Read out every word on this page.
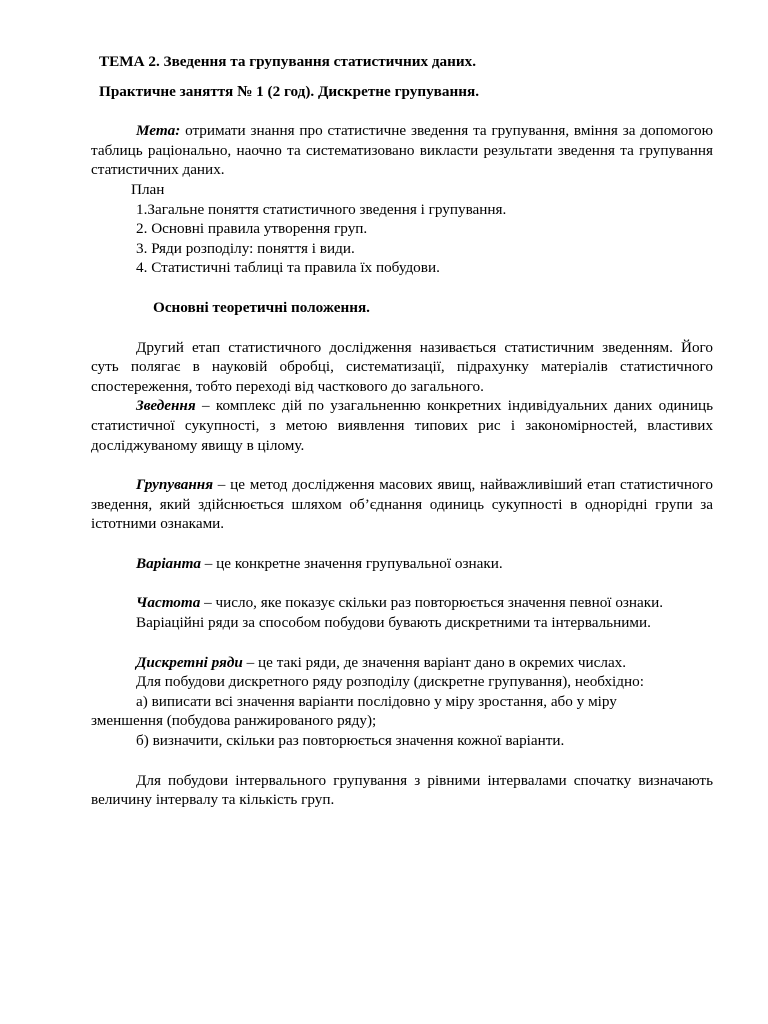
ТЕМА 2. Зведення та групування статистичних даних.

Практичне заняття № 1 (2 год). Дискретне групування.

Мета: отримати знання про статистичне зведення та групування, вміння за допомогою таблиць раціонально, наочно та систематизовано викласти результати зведення та групування статистичних даних.

План

1.Загальне поняття статистичного зведення і групування.

2. Основні правила утворення груп.

3. Ряди розподілу: поняття і види.

4. Статистичні таблиці та правила їх побудови.

Основні теоретичні положення.

Другий етап статистичного дослідження називається статистичним зведенням. Його суть полягає в науковій обробці, систематизації, підрахунку матеріалів статистичного спостереження, тобто переході від часткового до загального.

Зведення – комплекс дій по узагальненню конкретних індивідуальних даних одиниць статистичної сукупності, з метою виявлення типових рис і закономірностей, властивих досліджуваному явищу в цілому.

Групування – це метод дослідження масових явищ, найважливіший етап статистичного зведення, який здійснюється шляхом об’єднання одиниць сукупності в однорідні групи за істотними ознаками.

Варіанта – це конкретне значення групувальної ознаки.

Частота – число, яке показує скільки раз повторюється значення певної ознаки.

Варіаційні ряди за способом побудови бувають дискретними та інтервальними.

Дискретні ряди – це такі ряди, де значення варіант дано в окремих числах.

Для побудови дискретного ряду розподілу (дискретне групування), необхідно:

а) виписати всі значення варіанти послідовно у міру зростання, або у міру

зменшення (побудова ранжированого ряду);

б) визначити, скільки раз повторюється значення кожної варіанти.

Для побудови інтервального групування з рівними інтервалами спочатку визначають величину інтервалу та кількість груп.
